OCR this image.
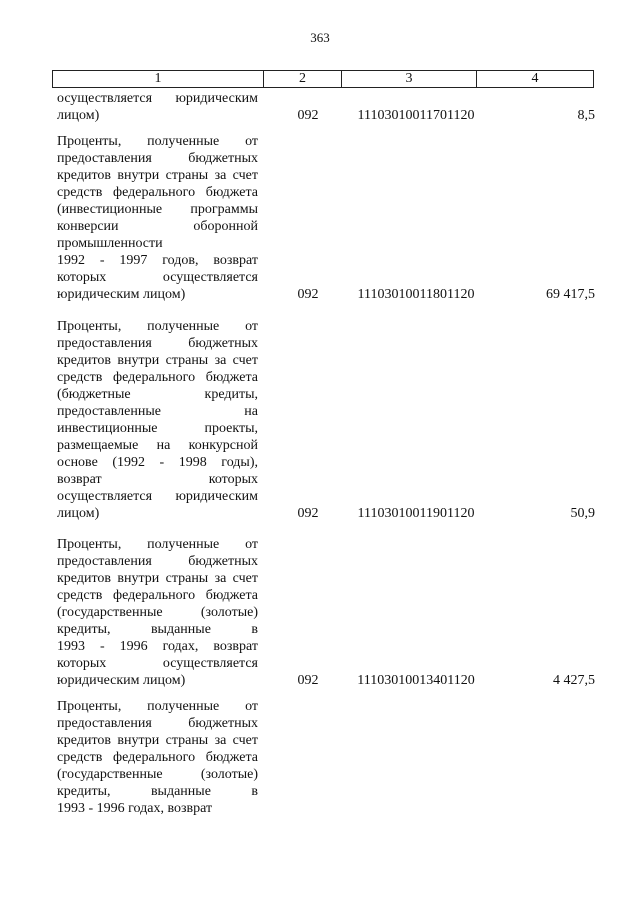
363
1	2	3	4
осуществляется юридическим
лицом)	092	11103010011701120	8,5
Проценты, полученные от
предоставления бюджетных
кредитов внутри страны за счет
средств федерального бюджета
(инвестиционные программы
конверсии оборонной
промышленности
1992 - 1997 годов, возврат
которых осуществляется
юридическим лицом)	092	11103010011801120	69 417,5
Проценты, полученные от
предоставления бюджетных
кредитов внутри страны за счет
средств федерального бюджета
(бюджетные кредиты,
предоставленные на
инвестиционные проекты,
размещаемые на конкурсной
основе (1992 - 1998 годы),
возврат которых
осуществляется юридическим
лицом)	092	11103010011901120	50,9
Проценты, полученные от
предоставления бюджетных
кредитов внутри страны за счет
средств федерального бюджета
(государственные (золотые)
кредиты, выданные в
1993 - 1996 годах, возврат
которых осуществляется
юридическим лицом)	092	11103010013401120	4 427,5
Проценты, полученные от
предоставления бюджетных
кредитов внутри страны за счет
средств федерального бюджета
(государственные (золотые)
кредиты, выданные в
1993 - 1996 годах, возврат
